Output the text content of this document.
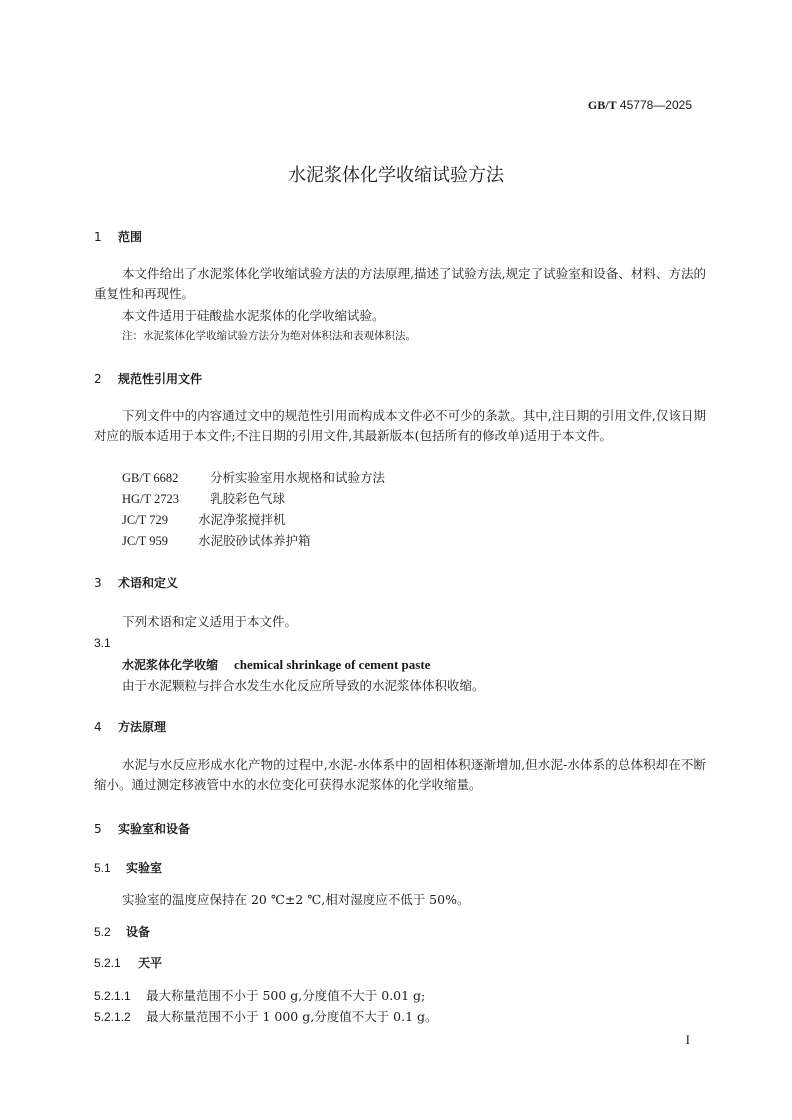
GB/T 45778—2025
水泥浆体化学收缩试验方法
1 范围
本文件给出了水泥浆体化学收缩试验方法的方法原理,描述了试验方法,规定了试验室和设备、材料、方法的重复性和再现性。
本文件适用于硅酸盐水泥浆体的化学收缩试验。
注：水泥浆体化学收缩试验方法分为绝对体积法和表观体积法。
2 规范性引用文件
下列文件中的内容通过文中的规范性引用而构成本文件必不可少的条款。其中,注日期的引用文件,仅该日期对应的版本适用于本文件;不注日期的引用文件,其最新版本(包括所有的修改单)适用于本文件。
GB/T 6682	分析实验室用水规格和试验方法
HG/T 2723 乳胶彩色气球
JC/T 729 水泥净浆搅拌机
JC/T 959 水泥胶砂试体养护箱
3 术语和定义
下列术语和定义适用于本文件。
3.1
水泥浆体化学收缩 chemical shrinkage of cement paste
由于水泥颗粒与拌合水发生水化反应所导致的水泥浆体体积收缩。
4 方法原理
水泥与水反应形成水化产物的过程中,水泥-水体系中的固相体积逐渐增加,但水泥-水体系的总体积却在不断缩小。通过测定移液管中水的水位变化可获得水泥浆体的化学收缩量。
5 实验室和设备
5.1 实验室
实验室的温度应保持在 20 ℃±2 ℃,相对湿度应不低于 50%。
5.2 设备
5.2.1 天平
5.2.1.1 最大称量范围不小于 500 g,分度值不大于 0.01 g;
5.2.1.2 最大称量范围不小于 1 000 g,分度值不大于 0.1 g。
I
